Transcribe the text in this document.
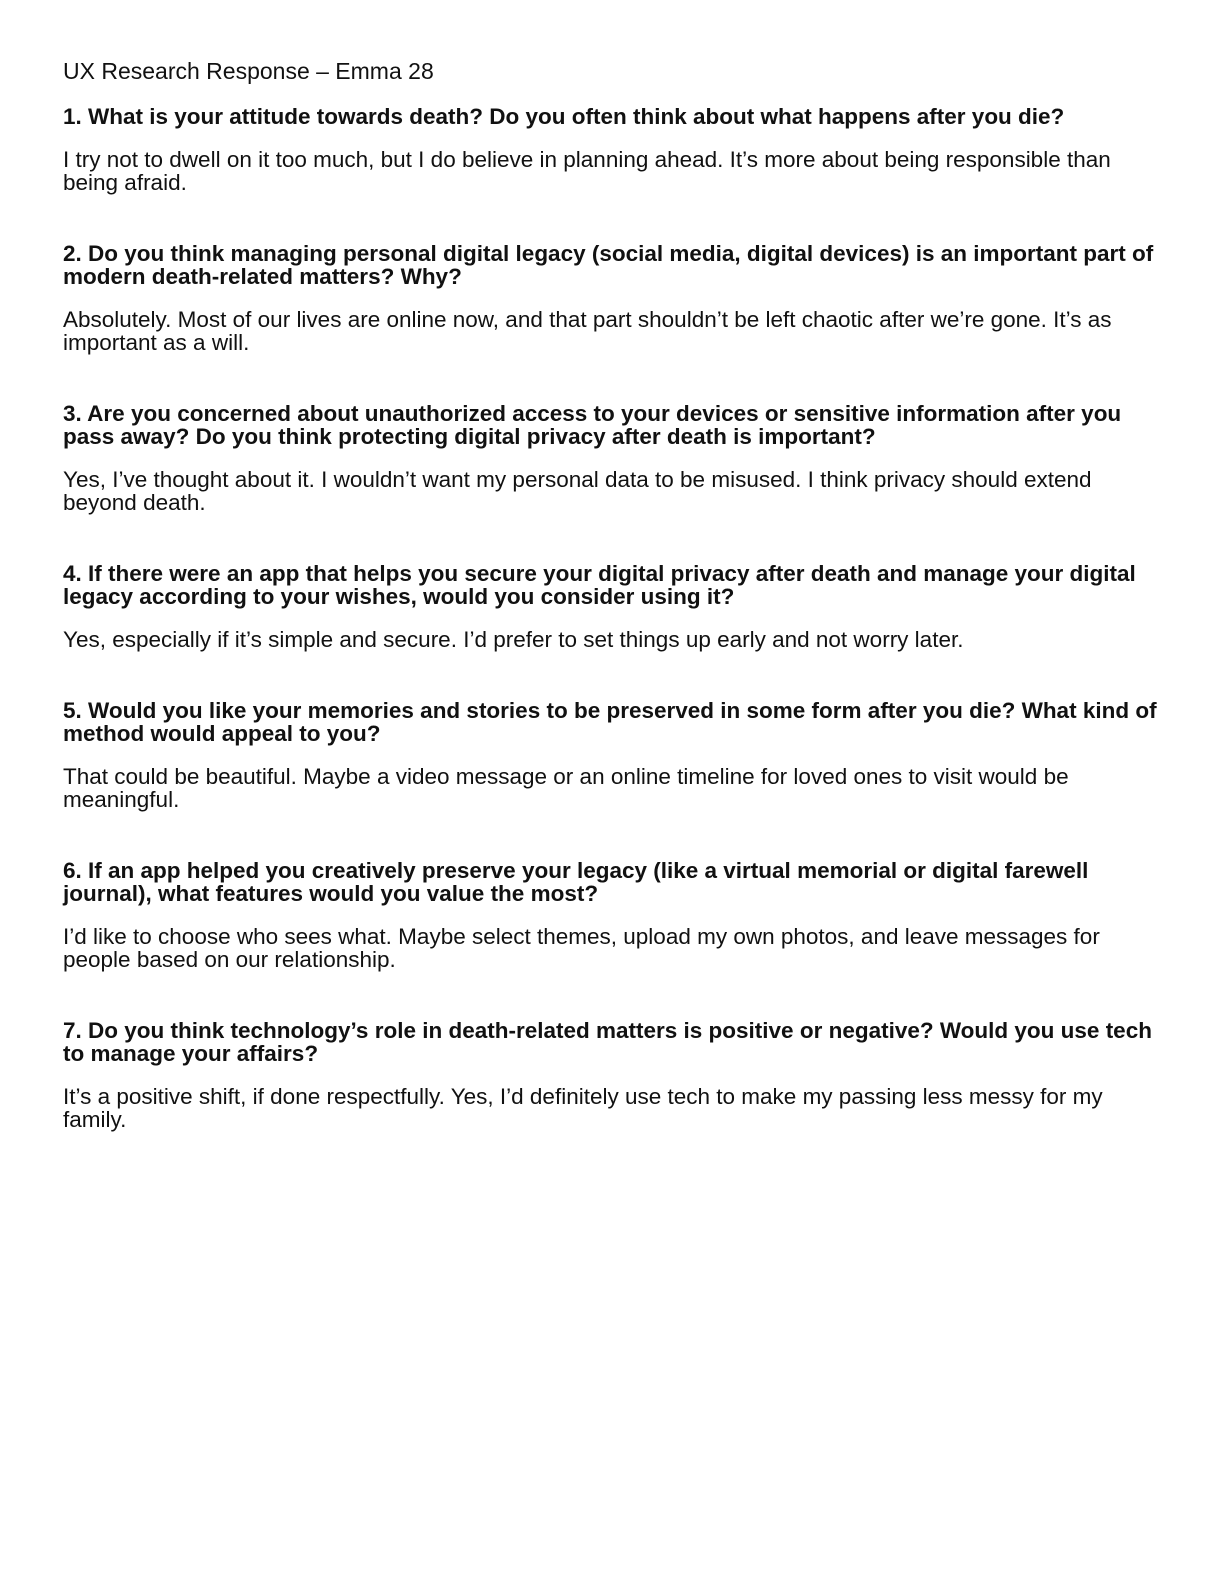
UX Research Response – Emma 28
1. What is your attitude towards death? Do you often think about what happens after you die?
I try not to dwell on it too much, but I do believe in planning ahead. It’s more about being responsible than being afraid.
2. Do you think managing personal digital legacy (social media, digital devices) is an important part of modern death-related matters? Why?
Absolutely. Most of our lives are online now, and that part shouldn’t be left chaotic after we’re gone. It’s as important as a will.
3. Are you concerned about unauthorized access to your devices or sensitive information after you pass away? Do you think protecting digital privacy after death is important?
Yes, I’ve thought about it. I wouldn’t want my personal data to be misused. I think privacy should extend beyond death.
4. If there were an app that helps you secure your digital privacy after death and manage your digital legacy according to your wishes, would you consider using it?
Yes, especially if it’s simple and secure. I’d prefer to set things up early and not worry later.
5. Would you like your memories and stories to be preserved in some form after you die? What kind of method would appeal to you?
That could be beautiful. Maybe a video message or an online timeline for loved ones to visit would be meaningful.
6. If an app helped you creatively preserve your legacy (like a virtual memorial or digital farewell journal), what features would you value the most?
I’d like to choose who sees what. Maybe select themes, upload my own photos, and leave messages for people based on our relationship.
7. Do you think technology’s role in death-related matters is positive or negative? Would you use tech to manage your affairs?
It’s a positive shift, if done respectfully. Yes, I’d definitely use tech to make my passing less messy for my family.
